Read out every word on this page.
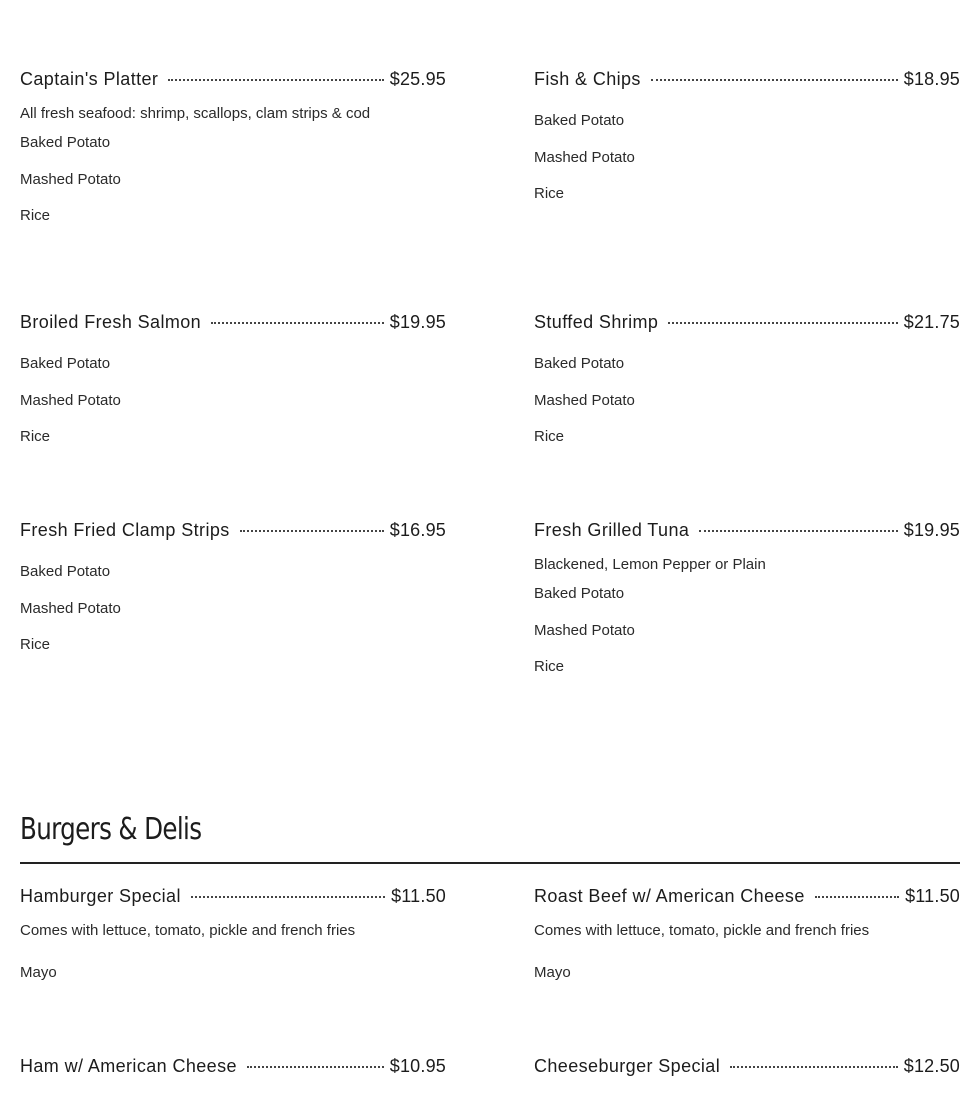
Captain's Platter	$25.95
All fresh seafood: shrimp, scallops, clam strips & cod
Baked Potato
Mashed Potato
Rice
Fish & Chips	$18.95
Baked Potato
Mashed Potato
Rice
Broiled Fresh Salmon	$19.95
Baked Potato
Mashed Potato
Rice
Stuffed Shrimp	$21.75
Baked Potato
Mashed Potato
Rice
Fresh Fried Clamp Strips	$16.95
Baked Potato
Mashed Potato
Rice
Fresh Grilled Tuna	$19.95
Blackened, Lemon Pepper or Plain
Baked Potato
Mashed Potato
Rice
Burgers & Delis
Hamburger Special	$11.50
Comes with lettuce, tomato, pickle and french fries
Mayo
Roast Beef w/ American Cheese	$11.50
Comes with lettuce, tomato, pickle and french fries
Mayo
Ham w/ American Cheese	$10.95	Cheeseburger Special	$12.50
